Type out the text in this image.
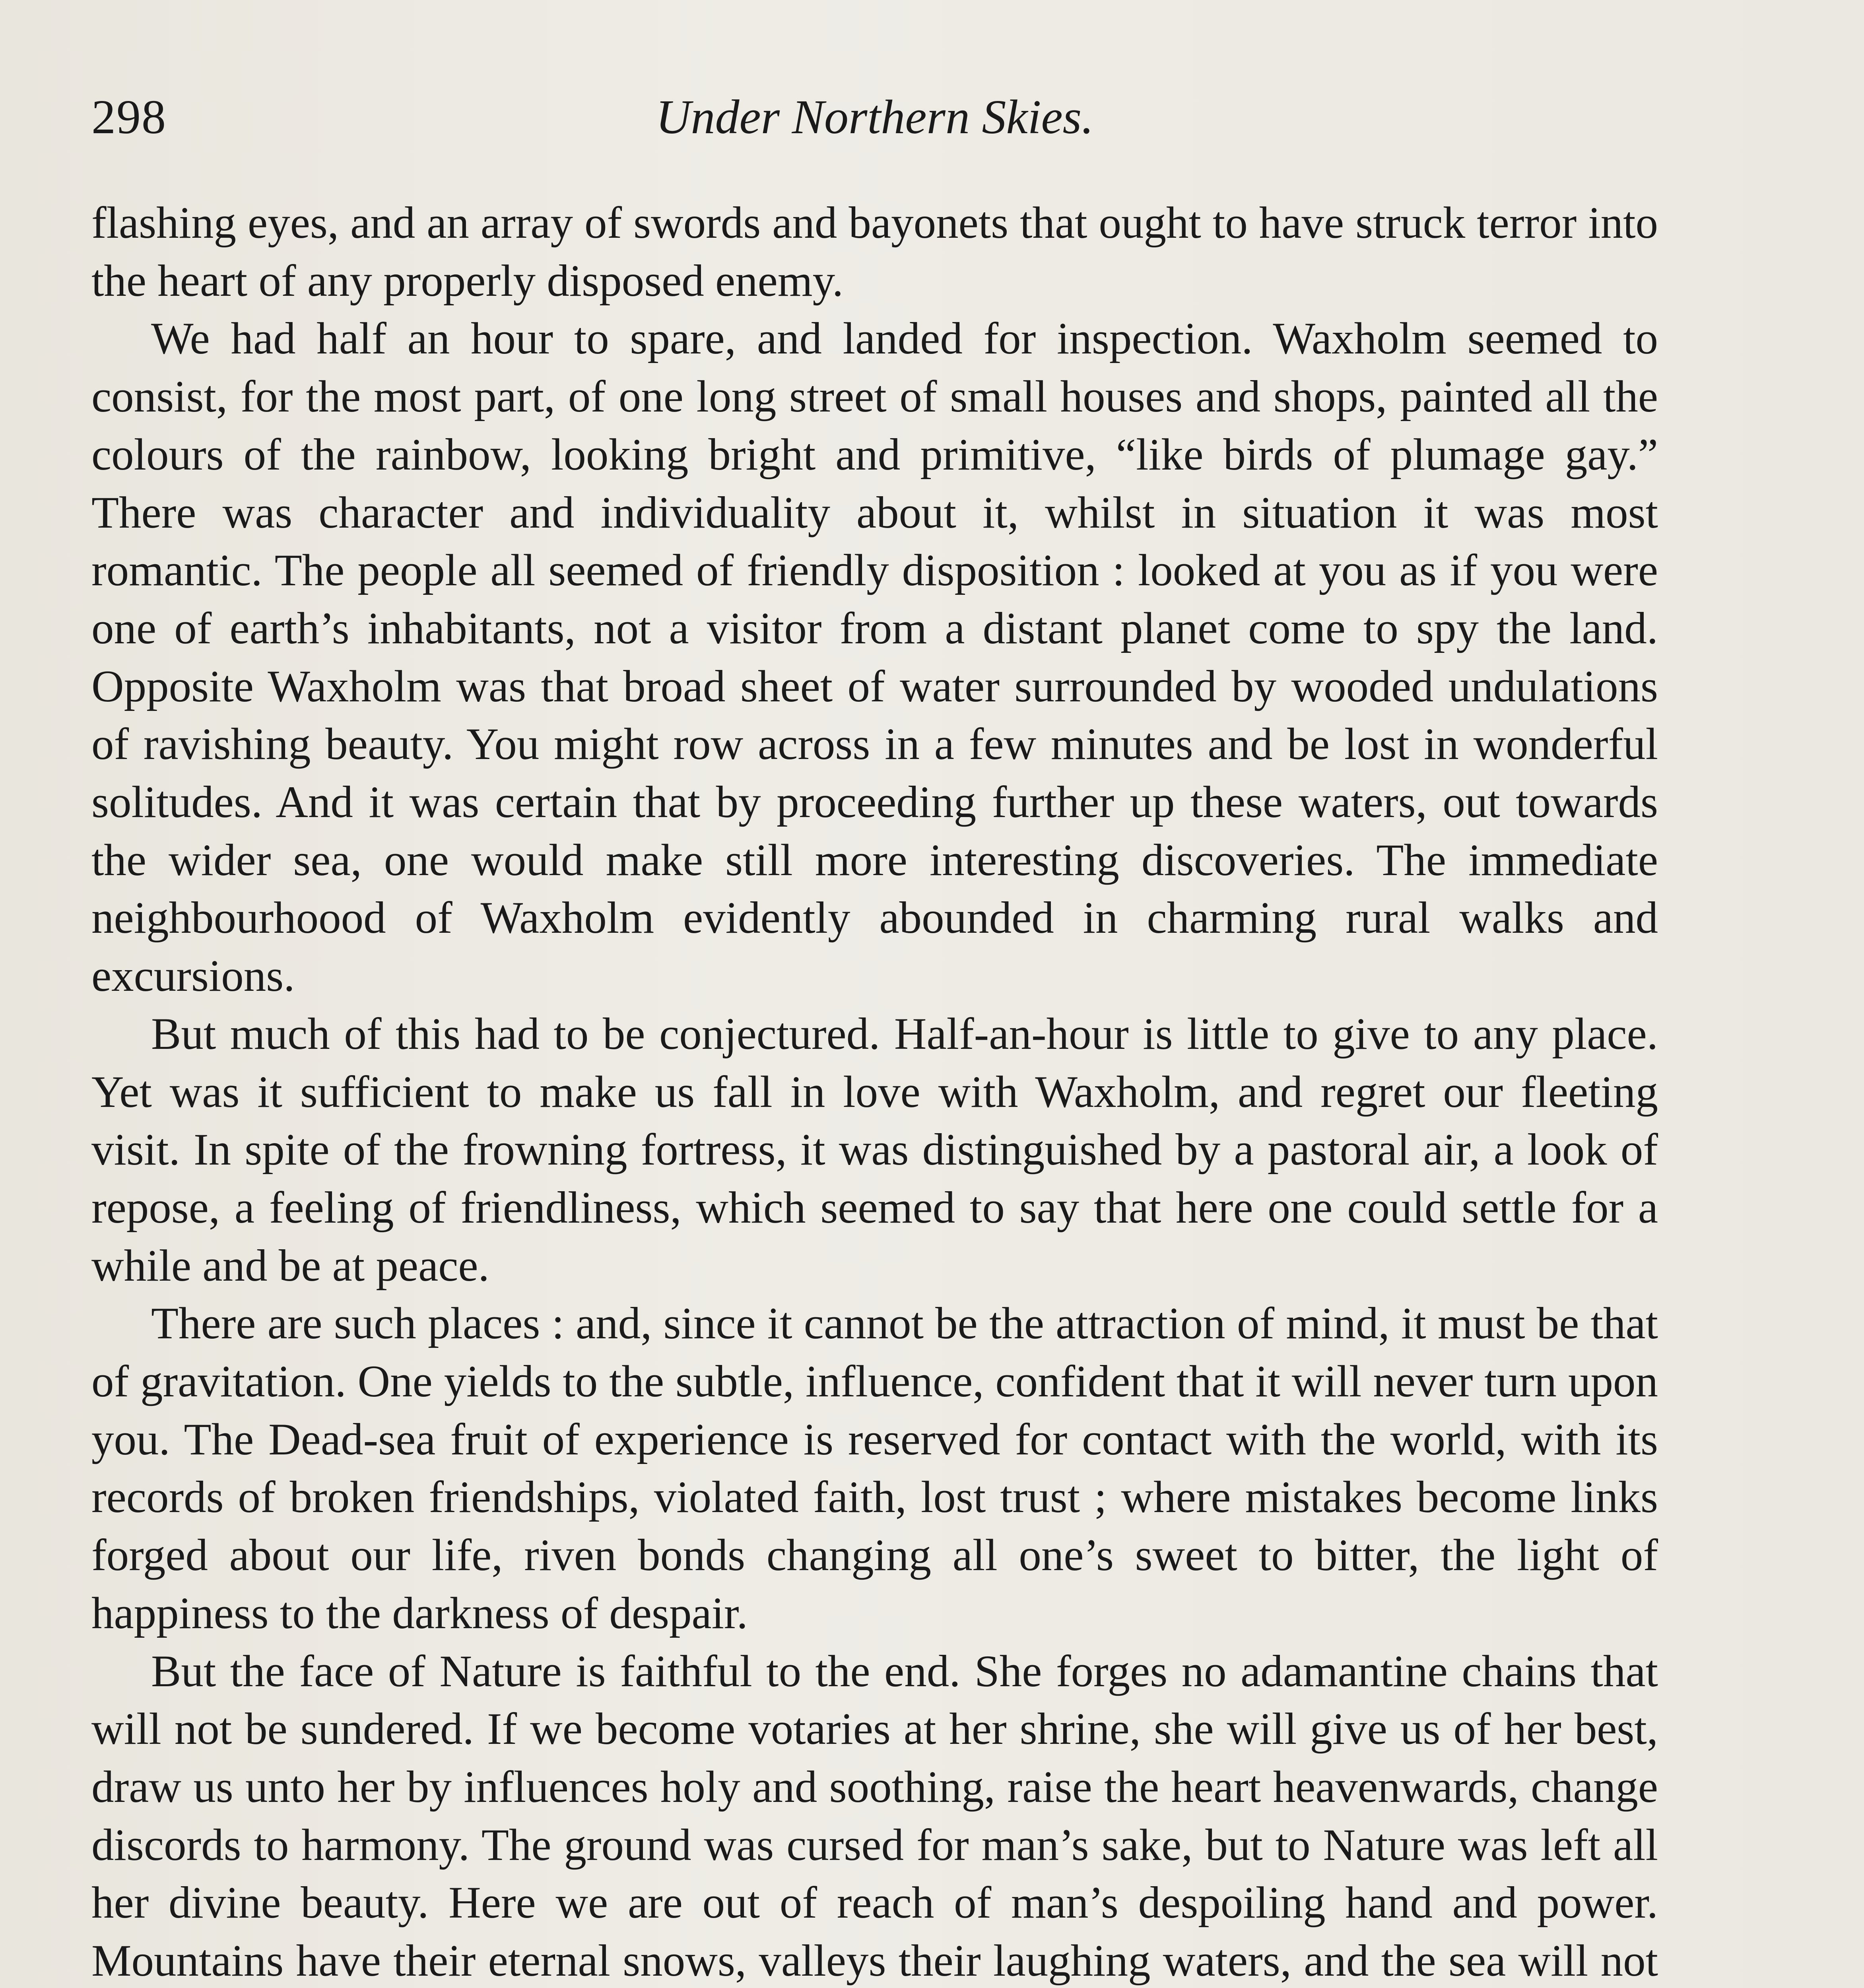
298	Under Northern Skies.

flashing eyes, and an array of swords and bayonets that ought to have struck terror into the heart of any properly disposed enemy.

We had half an hour to spare, and landed for inspection. Waxholm seemed to consist, for the most part, of one long street of small houses and shops, painted all the colours of the rainbow, looking bright and primitive, “like birds of plumage gay.” There was character and individuality about it, whilst in situation it was most romantic. The people all seemed of friendly disposition : looked at you as if you were one of earth’s inhabitants, not a visitor from a distant planet come to spy the land. Opposite Waxholm was that broad sheet of water surrounded by wooded undulations of ravishing beauty. You might row across in a few minutes and be lost in wonderful solitudes. And it was certain that by proceeding further up these waters, out towards the wider sea, one would make still more interesting discoveries. The immediate neighbourhoood of Waxholm evidently abounded in charming rural walks and excursions.

But much of this had to be conjectured. Half-an-hour is little to give to any place. Yet was it sufficient to make us fall in love with Waxholm, and regret our fleeting visit. In spite of the frowning fortress, it was distinguished by a pastoral air, a look of repose, a feeling of friendliness, which seemed to say that here one could settle for a while and be at peace.

There are such places : and, since it cannot be the attraction of mind, it must be that of gravitation. One yields to the subtle, influence, confident that it will never turn upon you. The Dead-sea fruit of experience is reserved for contact with the world, with its records of broken friendships, violated faith, lost trust ; where mistakes become links forged about our life, riven bonds changing all one’s sweet to bitter, the light of happiness to the darkness of despair.

But the face of Nature is faithful to the end. She forges no adamantine chains that will not be sundered. If we become votaries at her shrine, she will give us of her best, draw us unto her by influences holy and soothing, raise the heart heavenwards, change discords to harmony. The ground was cursed for man’s sake, but to Nature was left all her divine beauty. Here we are out of reach of man’s despoiling hand and power. Mountains have their eternal snows, valleys their laughing waters, and the sea will not
